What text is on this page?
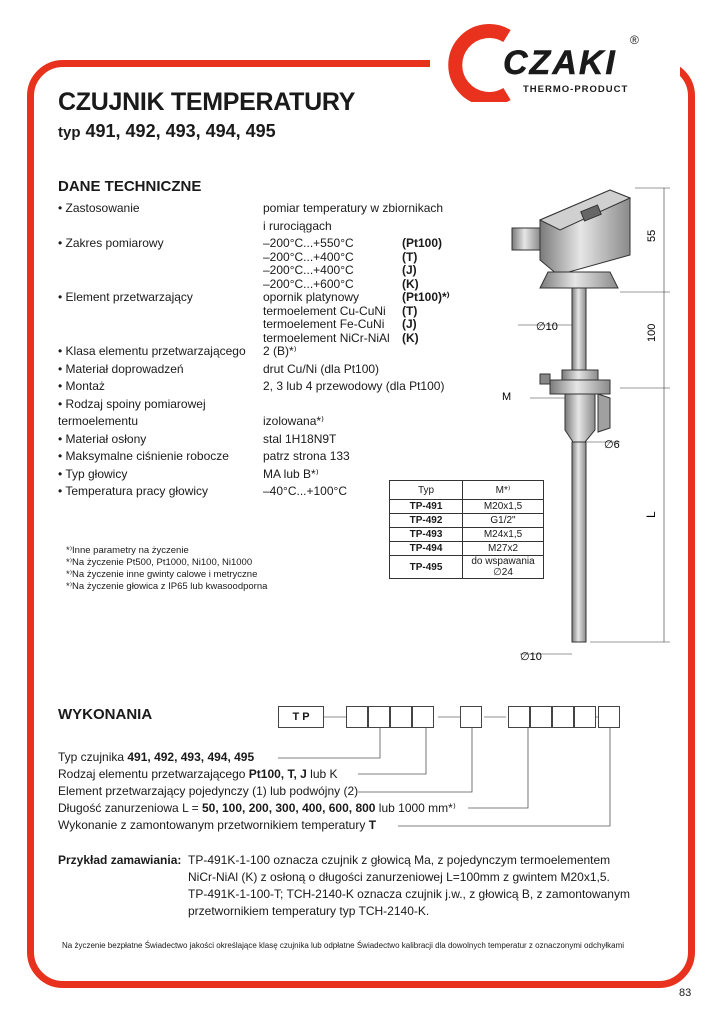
CZAKI
THERMO-PRODUCT
®
CZUJNIK TEMPERATURY
typ 491, 492, 493, 494, 495
DANE TECHNICZNE
• Zastosowanie	pomiar temperatury w zbiornikach
i rurociągach
• Zakres pomiarowy	–200°C...+550°C	(Pt100)
–200°C...+400°C	(T)
–200°C...+400°C	(J)
–200°C...+600°C	(K)
• Element przetwarzający	opornik platynowy	(Pt100)*⁾
termoelement Cu-CuNi (T)
termoelement Fe-CuNi (J)
termoelement NiCr-NiAl (K)
• Klasa elementu przetwarzającego 2 (B)*⁾
• Materiał doprowadzeń	drut Cu/Ni (dla Pt100)
• Montaż	2, 3 lub 4 przewodowy (dla Pt100)
• Rodzaj spoiny pomiarowej
termoelementu	izolowana*⁾
• Materiał osłony	stal 1H18N9T
• Maksymalne ciśnienie robocze	patrz strona 133
• Typ głowicy	MA lub B*⁾
• Temperatura pracy głowicy	–40°C...+100°C
*⁾Inne parametry na życzenie
*⁾Na życzenie Pt500, Pt1000, Ni100, Ni1000
*⁾Na życzenie inne gwinty calowe i metryczne
*⁾Na życzenie głowica z IP65 lub kwasoodporna
Typ	M*⁾
TP-491	M20x1,5
TP-492	G1/2"
TP-493	M24x1,5
TP-494	M27x2
TP-495	do wspawania
∅24
55
100
L
∅10
M
∅6
∅10
WYKONANIA	T P
Typ czujnika 491, 492, 493, 494, 495
Rodzaj elementu przetwarzającego Pt100, T, J lub K
Element przetwarzający pojedynczy (1) lub podwójny (2)
Długość zanurzeniowa L = 50, 100, 200, 300, 400, 600, 800 lub 1000 mm*⁾
Wykonanie z zamontowanym przetwornikiem temperatury T
Przykład zamawiania: TP-491K-1-100 oznacza czujnik z głowicą Ma, z pojedynczym termoelementem
NiCr-NiAl (K) z osłoną o długości zanurzeniowej L=100mm z gwintem M20x1,5.
TP-491K-1-100-T; TCH-2140-K oznacza czujnik j.w., z głowicą B, z zamontowanym
przetwornikiem temperatury typ TCH-2140-K.
Na życzenie bezpłatne Świadectwo jakości określające klasę czujnika lub odpłatne Świadectwo kalibracji dla dowolnych temperatur z oznaczonymi odchyłkami
83
